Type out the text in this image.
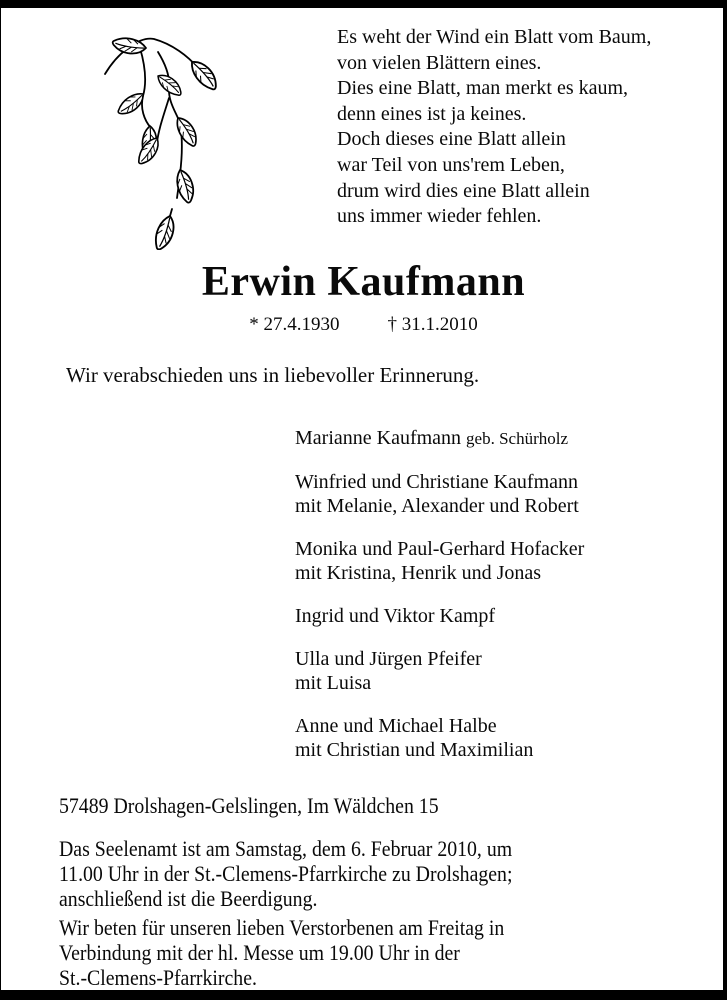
Es weht der Wind ein Blatt vom Baum,
von vielen Blättern eines.
Dies eine Blatt, man merkt es kaum,
denn eines ist ja keines.
Doch dieses eine Blatt allein
war Teil von uns'rem Leben,
drum wird dies eine Blatt allein
uns immer wieder fehlen.
Erwin Kaufmann
* 27.4.1930	† 31.1.2010
Wir verabschieden uns in liebevoller Erinnerung.
Marianne Kaufmann geb. Schürholz
Winfried und Christiane Kaufmann
mit Melanie, Alexander und Robert
Monika und Paul-Gerhard Hofacker
mit Kristina, Henrik und Jonas
Ingrid und Viktor Kampf
Ulla und Jürgen Pfeifer
mit Luisa
Anne und Michael Halbe
mit Christian und Maximilian
57489 Drolshagen-Gelslingen, Im Wäldchen 15
Das Seelenamt ist am Samstag, dem 6. Februar 2010, um
11.00 Uhr in der St.-Clemens-Pfarrkirche zu Drolshagen;
anschließend ist die Beerdigung.
Wir beten für unseren lieben Verstorbenen am Freitag in
Verbindung mit der hl. Messe um 19.00 Uhr in der
St.-Clemens-Pfarrkirche.
